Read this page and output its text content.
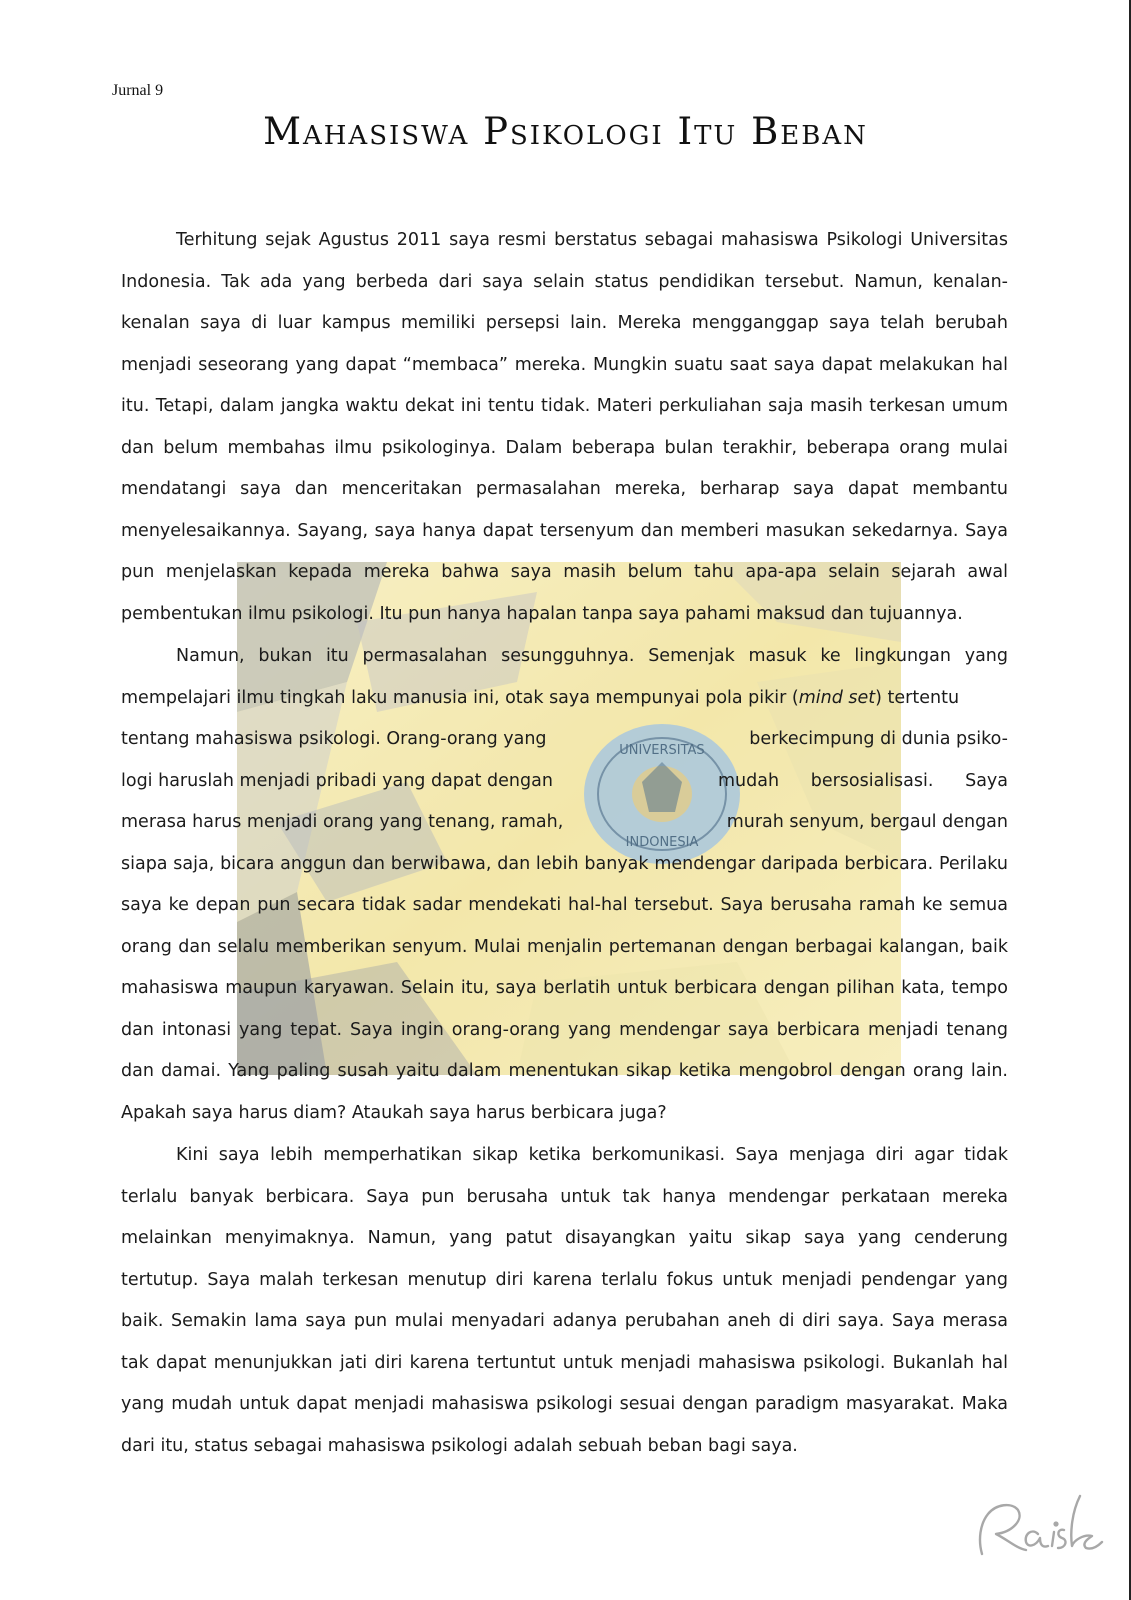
UNIVERSITAS
INDONESIA

Jurnal 9

Mahasiswa Psikologi Itu Beban

Terhitung sejak Agustus 2011 saya resmi berstatus sebagai mahasiswa Psikologi Universitas Indonesia. Tak ada yang berbeda dari saya selain status pendidikan tersebut. Namun, kenalan-kenalan saya di luar kampus memiliki persepsi lain. Mereka mengganggap saya telah berubah menjadi seseorang yang dapat “membaca” mereka. Mungkin suatu saat saya dapat melakukan hal itu. Tetapi, dalam jangka waktu dekat ini tentu tidak. Materi perkuliahan saja masih terkesan umum dan belum membahas ilmu psikologinya. Dalam beberapa bulan terakhir, beberapa orang mulai mendatangi saya dan menceritakan permasalahan mereka, berharap saya dapat membantu menyelesaikannya. Sayang, saya hanya dapat tersenyum dan memberi masukan sekedarnya. Saya pun menjelaskan kepada mereka bahwa saya masih belum tahu apa-apa selain sejarah awal pembentukan ilmu psikologi. Itu pun hanya hapalan tanpa saya pahami maksud dan tujuannya.

Namun, bukan itu permasalahan sesungguhnya. Semenjak masuk ke lingkungan yang mempelajari ilmu tingkah laku manusia ini, otak saya mempunyai pola pikir (mind set) tertentu

tentang mahasiswa psikologi. Orang-orang yang	berkecimpung di dunia psiko-
logi haruslah menjadi pribadi yang dapat dengan	mudah bersosialisasi. Saya
merasa harus menjadi orang yang tenang, ramah,	murah senyum, bergaul dengan

siapa saja, bicara anggun dan berwibawa, dan lebih banyak mendengar daripada berbicara. Perilaku saya ke depan pun secara tidak sadar mendekati hal-hal tersebut. Saya berusaha ramah ke semua orang dan selalu memberikan senyum. Mulai menjalin pertemanan dengan berbagai kalangan, baik mahasiswa maupun karyawan. Selain itu, saya berlatih untuk berbicara dengan pilihan kata, tempo dan intonasi yang tepat. Saya ingin orang-orang yang mendengar saya berbicara menjadi tenang dan damai. Yang paling susah yaitu dalam menentukan sikap ketika mengobrol dengan orang lain. Apakah saya harus diam? Ataukah saya harus berbicara juga?

Kini saya lebih memperhatikan sikap ketika berkomunikasi. Saya menjaga diri agar tidak terlalu banyak berbicara. Saya pun berusaha untuk tak hanya mendengar perkataan mereka melainkan menyimaknya. Namun, yang patut disayangkan yaitu sikap saya yang cenderung tertutup. Saya malah terkesan menutup diri karena terlalu fokus untuk menjadi pendengar yang baik. Semakin lama saya pun mulai menyadari adanya perubahan aneh di diri saya. Saya merasa tak dapat menunjukkan jati diri karena tertuntut untuk menjadi mahasiswa psikologi. Bukanlah hal yang mudah untuk dapat menjadi mahasiswa psikologi sesuai dengan paradigm masyarakat. Maka dari itu, status sebagai mahasiswa psikologi adalah sebuah beban bagi saya.
